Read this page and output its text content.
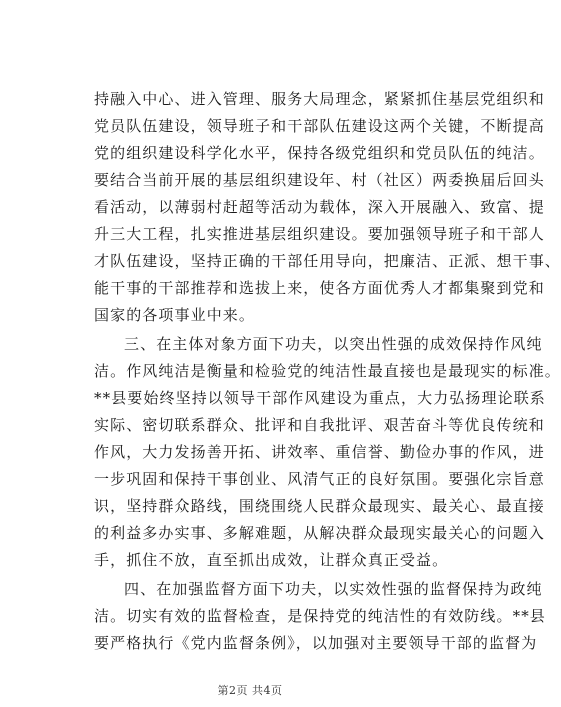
持融入中心、进入管理、服务大局理念，紧紧抓住基层党组织和
党员队伍建设，领导班子和干部队伍建设这两个关键，不断提高
党的组织建设科学化水平，保持各级党组织和党员队伍的纯洁。
要结合当前开展的基层组织建设年、村（社区）两委换届后回头
看活动，以薄弱村赶超等活动为载体，深入开展融入、致富、提
升三大工程，扎实推进基层组织建设。要加强领导班子和干部人
才队伍建设，坚持正确的干部任用导向，把廉洁、正派、想干事、
能干事的干部推荐和选拔上来，使各方面优秀人才都集聚到党和
国家的各项事业中来。
三、在主体对象方面下功夫，以突出性强的成效保持作风纯
洁。作风纯洁是衡量和检验党的纯洁性最直接也是最现实的标准。
**县要始终坚持以领导干部作风建设为重点，大力弘扬理论联系
实际、密切联系群众、批评和自我批评、艰苦奋斗等优良传统和
作风，大力发扬善开拓、讲效率、重信誉、勤俭办事的作风，进
一步巩固和保持干事创业、风清气正的良好氛围。要强化宗旨意
识，坚持群众路线，围绕围绕人民群众最现实、最关心、最直接
的利益多办实事、多解难题，从解决群众最现实最关心的问题入
手，抓住不放，直至抓出成效，让群众真正受益。
四、在加强监督方面下功夫，以实效性强的监督保持为政纯
洁。切实有效的监督检查，是保持党的纯洁性的有效防线。**县
要严格执行《党内监督条例》，以加强对主要领导干部的监督为
第2页 共4页
